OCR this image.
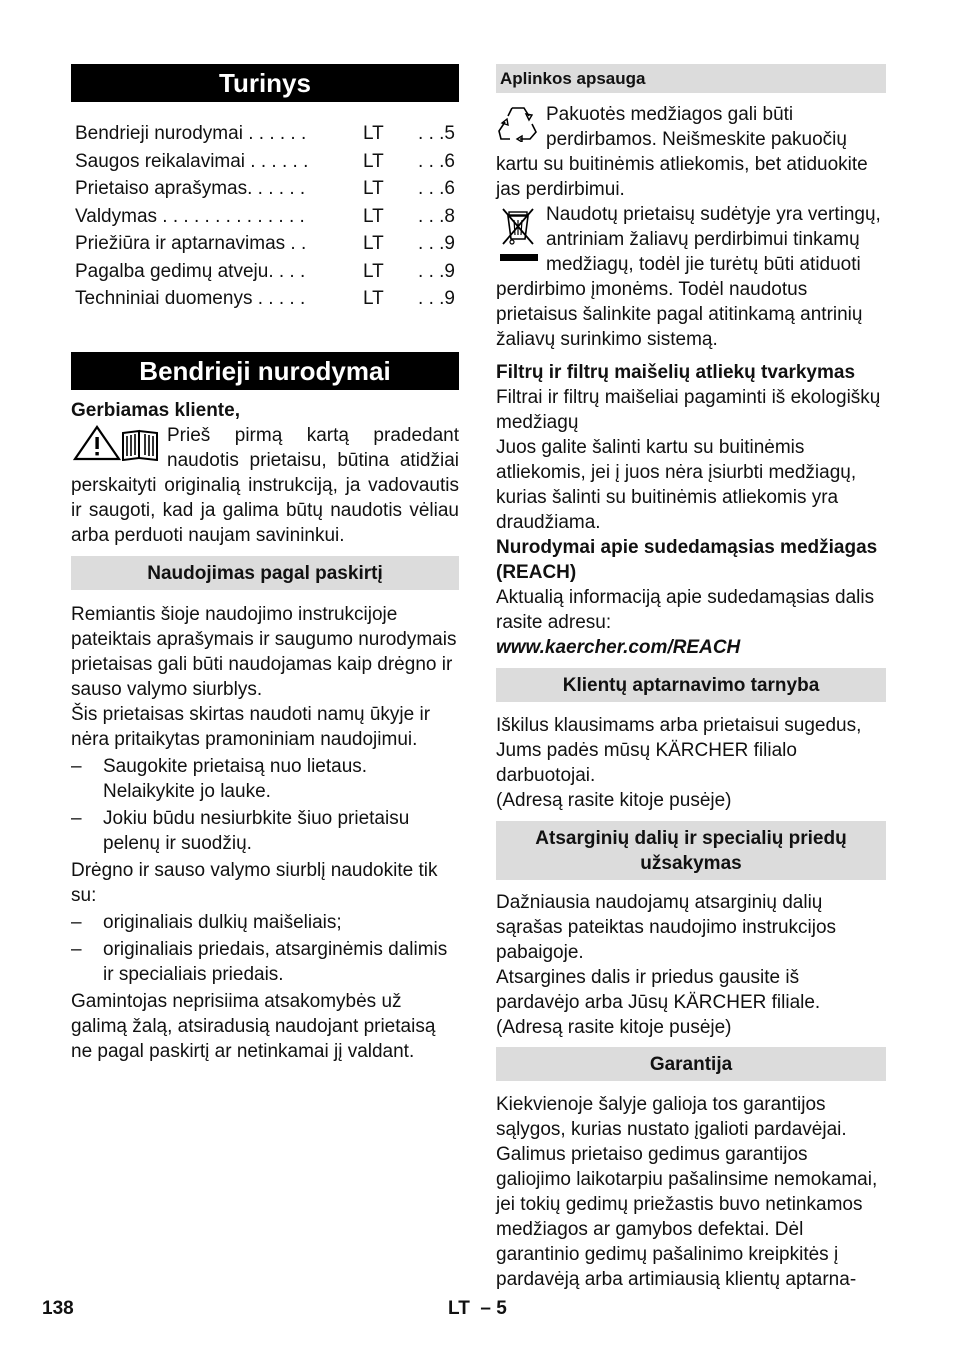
Turinys
Bendrieji nurodymai . . . . . .	LT	. . .5
Saugos reikalavimai . . . . . .	LT	. . .6
Prietaiso aprašymas. . . . . .	LT	. . .6
Valdymas . . . . . . . . . . . . . .	LT	. . .8
Priežiūra ir aptarnavimas . .	LT	. . .9
Pagalba gedimų atveju. . . .	LT	. . .9
Techniniai duomenys . . . . .	LT	. . .9
Bendrieji nurodymai

Gerbiamas kliente,

Prieš pirmą kartą pradedant naudotis prietaisu, būtina atidžiai perskaityti originalią instrukciją, ja vadovautis ir saugoti, kad ja galima būtų naudotis vėliau arba perduoti naujam savininkui.

Naudojimas pagal paskirtį

Remiantis šioje naudojimo instrukcijoje pateiktais aprašymais ir saugumo nurodymais prietaisas gali būti naudojamas kaip drėgno ir sauso valymo siurblys.

Šis prietaisas skirtas naudoti namų ūkyje ir nėra pritaikytas pramoniniam naudojimui.

– Saugokite prietaisą nuo lietaus. Nelaikykite jo lauke.
– Jokiu būdu nesiurbkite šiuo prietaisu pelenų ir suodžių.

Drėgno ir sauso valymo siurblį naudokite tik su:

– originaliais dulkių maišeliais;
– originaliais priedais, atsarginėmis dalimis ir specialiais priedais.

Gamintojas neprisiima atsakomybės už galimą žalą, atsiradusią naudojant prietaisą ne pagal paskirtį ar netinkamai jį valdant.

Aplinkos apsauga

Pakuotės medžiagos gali būti perdirbamos. Neišmeskite pakuočių kartu su buitinėmis atliekomis, bet atiduokite jas perdirbimui.

Naudotų prietaisų sudėtyje yra vertingų, antriniam žaliavų perdirbimui tinkamų medžiagų, todėl jie turėtų būti atiduoti perdirbimo įmonėms. Todėl naudotus prietaisus šalinkite pagal atitinkamą antrinių žaliavų surinkimo sistemą.

Filtrų ir filtrų maišelių atliekų tvarkymas

Filtrai ir filtrų maišeliai pagaminti iš ekologiškų medžiagų

Juos galite šalinti kartu su buitinėmis atliekomis, jei į juos nėra įsiurbti medžiagų, kurias šalinti su buitinėmis atliekomis yra draudžiama.

Nurodymai apie sudedamąsias medžiagas (REACH)

Aktualią informaciją apie sudedamąsias dalis rasite adresu:

www.kaercher.com/REACH

Klientų aptarnavimo tarnyba

Iškilus klausimams arba prietaisui sugedus, Jums padės mūsų KÄRCHER filialo darbuotojai.

(Adresą rasite kitoje pusėje)

Atsarginių dalių ir specialių priedų užsakymas

Dažniausia naudojamų atsarginių dalių sąrašas pateiktas naudojimo instrukcijos pabaigoje.

Atsargines dalis ir priedus gausite iš pardavėjo arba Jūsų KÄRCHER filiale.

(Adresą rasite kitoje pusėje)

Garantija

Kiekvienoje šalyje galioja tos garantijos sąlygos, kurias nustato įgalioti pardavėjai. Galimus prietaiso gedimus garantijos galiojimo laikotarpiu pašalinsime nemokamai, jei tokių gedimų priežastis buvo netinkamos medžiagos ar gamybos defektai. Dėl garantinio gedimų pašalinimo kreipkitės į pardavėją arba artimiausią klientų aptarna-

138	LT  – 5
